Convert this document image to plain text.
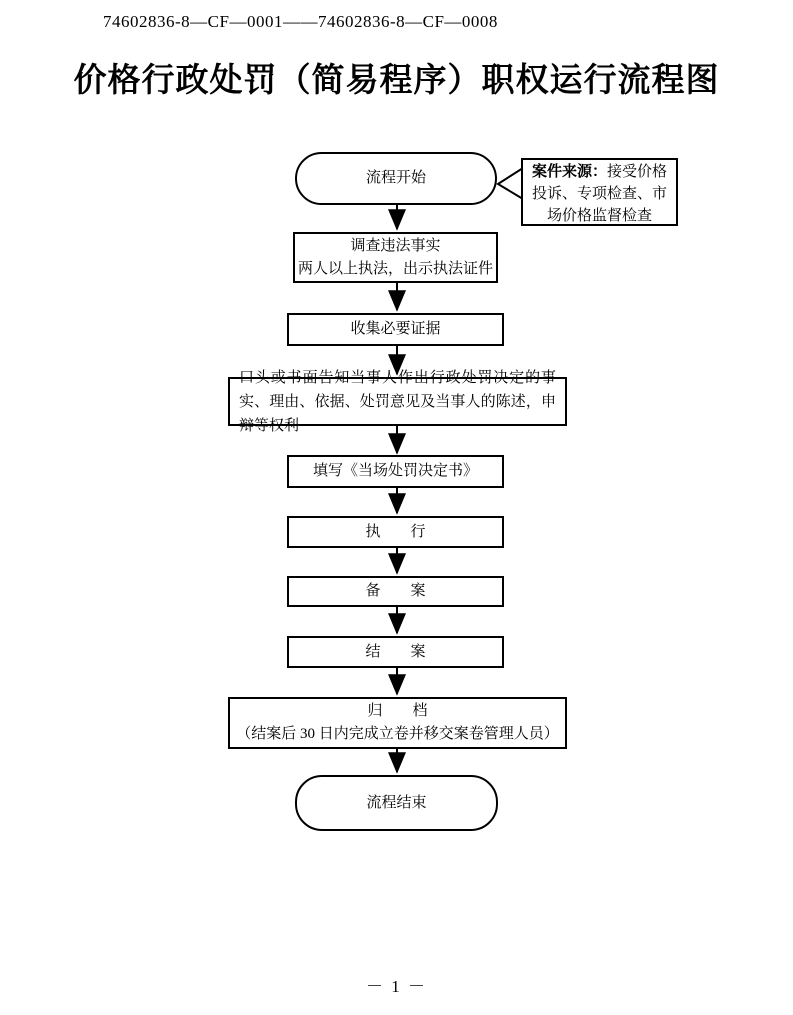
74602836-8—CF—0001——74602836-8—CF—0008
价格行政处罚（简易程序）职权运行流程图
流程开始	案件来源：接受价格投诉、专项检查、市场价格监督检查
调查违法事实
两人以上执法，出示执法证件
收集必要证据
口头或书面告知当事人作出行政处罚决定的事实、理由、依据、处罚意见及当事人的陈述，申辩等权利
填写《当场处罚决定书》
执　　行
备　　案
结　　案
归　　档
（结案后 30 日内完成立卷并移交案卷管理人员）
流程结束
－ 1 －
